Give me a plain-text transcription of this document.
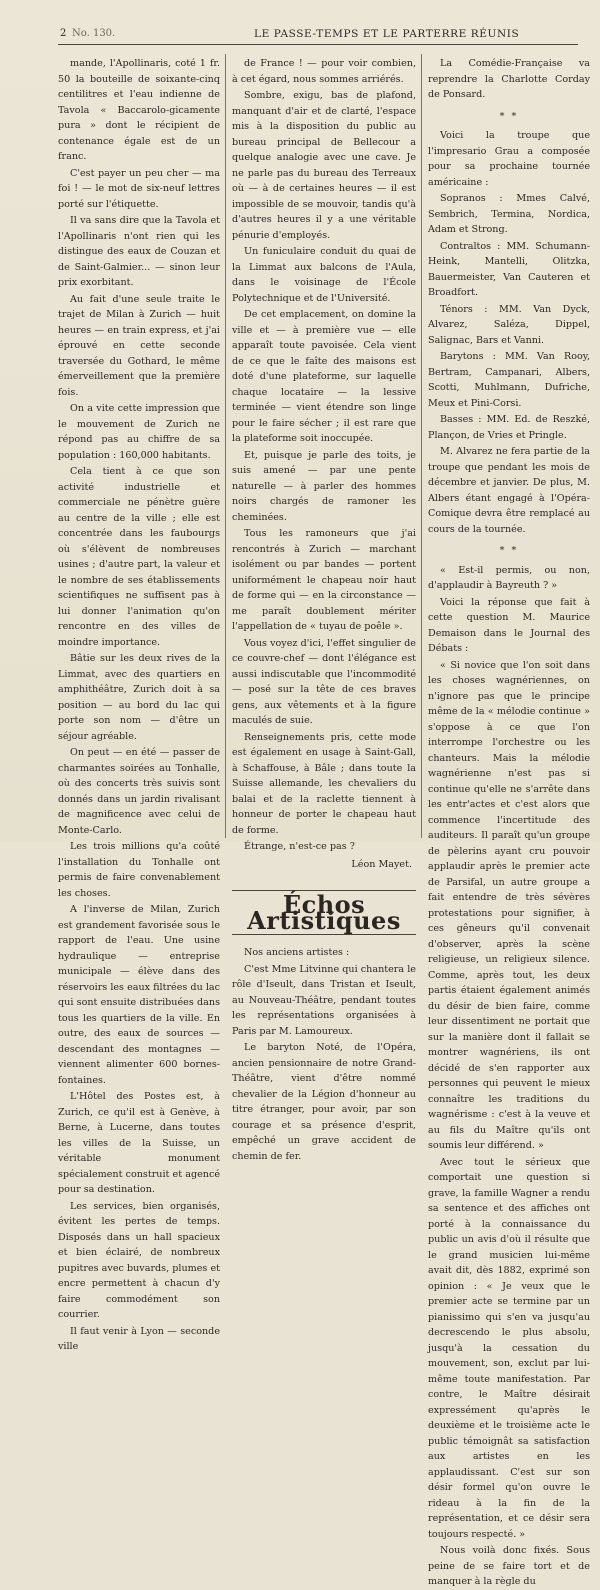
2 No. 130.	LE PASSE-TEMPS ET LE PARTERRE RÉUNIS

mande, l'Apollinaris, coté 1 fr. 50 la bouteille de soixante-cinq centilitres et l'eau indienne de Tavola « Baccarolo-gicamente pura » dont le récipient de contenance égale est de un franc.

C'est payer un peu cher — ma foi ! — le mot de six-neuf lettres porté sur l'étiquette.

Il va sans dire que la Tavola et l'Apollinaris n'ont rien qui les distingue des eaux de Couzan et de Saint-Galmier... — sinon leur prix exorbitant.

Au fait d'une seule traite le trajet de Milan à Zurich — huit heures — en train express, et j'ai éprouvé en cette seconde traversée du Gothard, le même émerveillement que la première fois.

On a vite cette impression que le mouvement de Zurich ne répond pas au chiffre de sa population : 160,000 habitants.

Cela tient à ce que son activité industrielle et commerciale ne pénètre guère au centre de la ville ; elle est concentrée dans les faubourgs où s'élèvent de nombreuses usines ; d'autre part, la valeur et le nombre de ses établissements scientifiques ne suffisent pas à lui donner l'animation qu'on rencontre en des villes de moindre importance.

Bâtie sur les deux rives de la Limmat, avec des quartiers en amphithéâtre, Zurich doit à sa position — au bord du lac qui porte son nom — d'être un séjour agréable.

On peut — en été — passer de charmantes soirées au Tonhalle, où des concerts très suivis sont donnés dans un jardin rivalisant de magnificence avec celui de Monte-Carlo.

Les trois millions qu'a coûté l'installation du Tonhalle ont permis de faire convenablement les choses.

A l'inverse de Milan, Zurich est grandement favorisée sous le rapport de l'eau. Une usine hydraulique — entreprise municipale — élève dans des réservoirs les eaux filtrées du lac qui sont ensuite distribuées dans tous les quartiers de la ville. En outre, des eaux de sources — descendant des montagnes — viennent alimenter 600 bornes-fontaines.

L'Hôtel des Postes est, à Zurich, ce qu'il est à Genève, à Berne, à Lucerne, dans toutes les villes de la Suisse, un véritable monument spécialement construit et agencé pour sa destination.

Les services, bien organisés, évitent les pertes de temps. Disposés dans un hall spacieux et bien éclairé, de nombreux pupitres avec buvards, plumes et encre permettent à chacun d'y faire commodément son courrier.

Il faut venir à Lyon — seconde ville

de France ! — pour voir combien, à cet égard, nous sommes arriérés.

Sombre, exigu, bas de plafond, manquant d'air et de clarté, l'espace mis à la disposition du public au bureau principal de Bellecour a quelque analogie avec une cave. Je ne parle pas du bureau des Terreaux où — à de certaines heures — il est impossible de se mouvoir, tandis qu'à d'autres heures il y a une véritable pénurie d'employés.

Un funiculaire conduit du quai de la Limmat aux balcons de l'Aula, dans le voisinage de l'École Polytechnique et de l'Université.

De cet emplacement, on domine la ville et — à première vue — elle apparaît toute pavoisée. Cela vient de ce que le faîte des maisons est doté d'une plateforme, sur laquelle chaque locataire — la lessive terminée — vient étendre son linge pour le faire sécher ; il est rare que la plateforme soit inoccupée.

Et, puisque je parle des toits, je suis amené — par une pente naturelle — à parler des hommes noirs chargés de ramoner les cheminées.

Tous les ramoneurs que j'ai rencontrés à Zurich — marchant isolément ou par bandes — portent uniformément le chapeau noir haut de forme qui — en la circonstance — me paraît doublement mériter l'appellation de « tuyau de poêle ».

Vous voyez d'ici, l'effet singulier de ce couvre-chef — dont l'élégance est aussi indiscutable que l'incommodité — posé sur la tête de ces braves gens, aux vêtements et à la figure maculés de suie.

Renseignements pris, cette mode est également en usage à Saint-Gall, à Schaffouse, à Bâle ; dans toute la Suisse allemande, les chevaliers du balai et de la raclette tiennent à honneur de porter le chapeau haut de forme.

Étrange, n'est-ce pas ?

Léon Mayet.

Échos Artistiques

Nos anciens artistes :

C'est Mme Litvinne qui chantera le rôle d'Iseult, dans Tristan et Iseult, au Nouveau-Théâtre, pendant toutes les représentations organisées à Paris par M. Lamoureux.

Le baryton Noté, de l'Opéra, ancien pensionnaire de notre Grand-Théâtre, vient d'être nommé chevalier de la Légion d'honneur au titre étranger, pour avoir, par son courage et sa présence d'esprit, empêché un grave accident de chemin de fer.

La Comédie-Française va reprendre la Charlotte Corday de Ponsard.

* *

Voici la troupe que l'impresario Grau a composée pour sa prochaine tournée américaine :

Sopranos : Mmes Calvé, Sembrich, Termina, Nordica, Adam et Strong.

Contraltos : MM. Schumann-Heink, Mantelli, Olitzka, Bauermeister, Van Cauteren et Broadfort.

Ténors : MM. Van Dyck, Alvarez, Saléza, Dippel, Salignac, Bars et Vanni.

Barytons : MM. Van Rooy, Bertram, Campanari, Albers, Scotti, Muhlmann, Dufriche, Meux et Pini-Corsi.

Basses : MM. Ed. de Reszké, Plançon, de Vries et Pringle.

M. Alvarez ne fera partie de la troupe que pendant les mois de décembre et janvier. De plus, M. Albers étant engagé à l'Opéra-Comique devra être remplacé au cours de la tournée.

* *

« Est-il permis, ou non, d'applaudir à Bayreuth ? »

Voici la réponse que fait à cette question M. Maurice Demaison dans le Journal des Débats :

« Si novice que l'on soit dans les choses wagnériennes, on n'ignore pas que le principe même de la « mélodie continue » s'oppose à ce que l'on interrompe l'orchestre ou les chanteurs. Mais la mélodie wagnérienne n'est pas si continue qu'elle ne s'arrête dans les entr'actes et c'est alors que commence l'incertitude des auditeurs. Il paraît qu'un groupe de pèlerins ayant cru pouvoir applaudir après le premier acte de Parsifal, un autre groupe a fait entendre de très sévères protestations pour signifier, à ces gêneurs qu'il convenait d'observer, après la scène religieuse, un religieux silence. Comme, après tout, les deux partis étaient également animés du désir de bien faire, comme leur dissentiment ne portait que sur la manière dont il fallait se montrer wagnériens, ils ont décidé de s'en rapporter aux personnes qui peuvent le mieux connaître les traditions du wagnérisme : c'est à la veuve et au fils du Maître qu'ils ont soumis leur différend. »

Avec tout le sérieux que comportait une question si grave, la famille Wagner a rendu sa sentence et des affiches ont porté à la connaissance du public un avis d'où il résulte que le grand musicien lui-même avait dit, dès 1882, exprimé son opinion : « Je veux que le premier acte se termine par un pianissimo qui s'en va jusqu'au decrescendo le plus absolu, jusqu'à la cessation du mouvement, son, exclut par lui-même toute manifestation. Par contre, le Maître désirait expressément qu'après le deuxième et le troisième acte le public témoignât sa satisfaction aux artistes en les applaudissant. C'est sur son désir formel qu'on ouvre le rideau à la fin de la représentation, et ce désir sera toujours respecté. »

Nous voilà donc fixés. Sous peine de se faire tort et de manquer à la règle du
